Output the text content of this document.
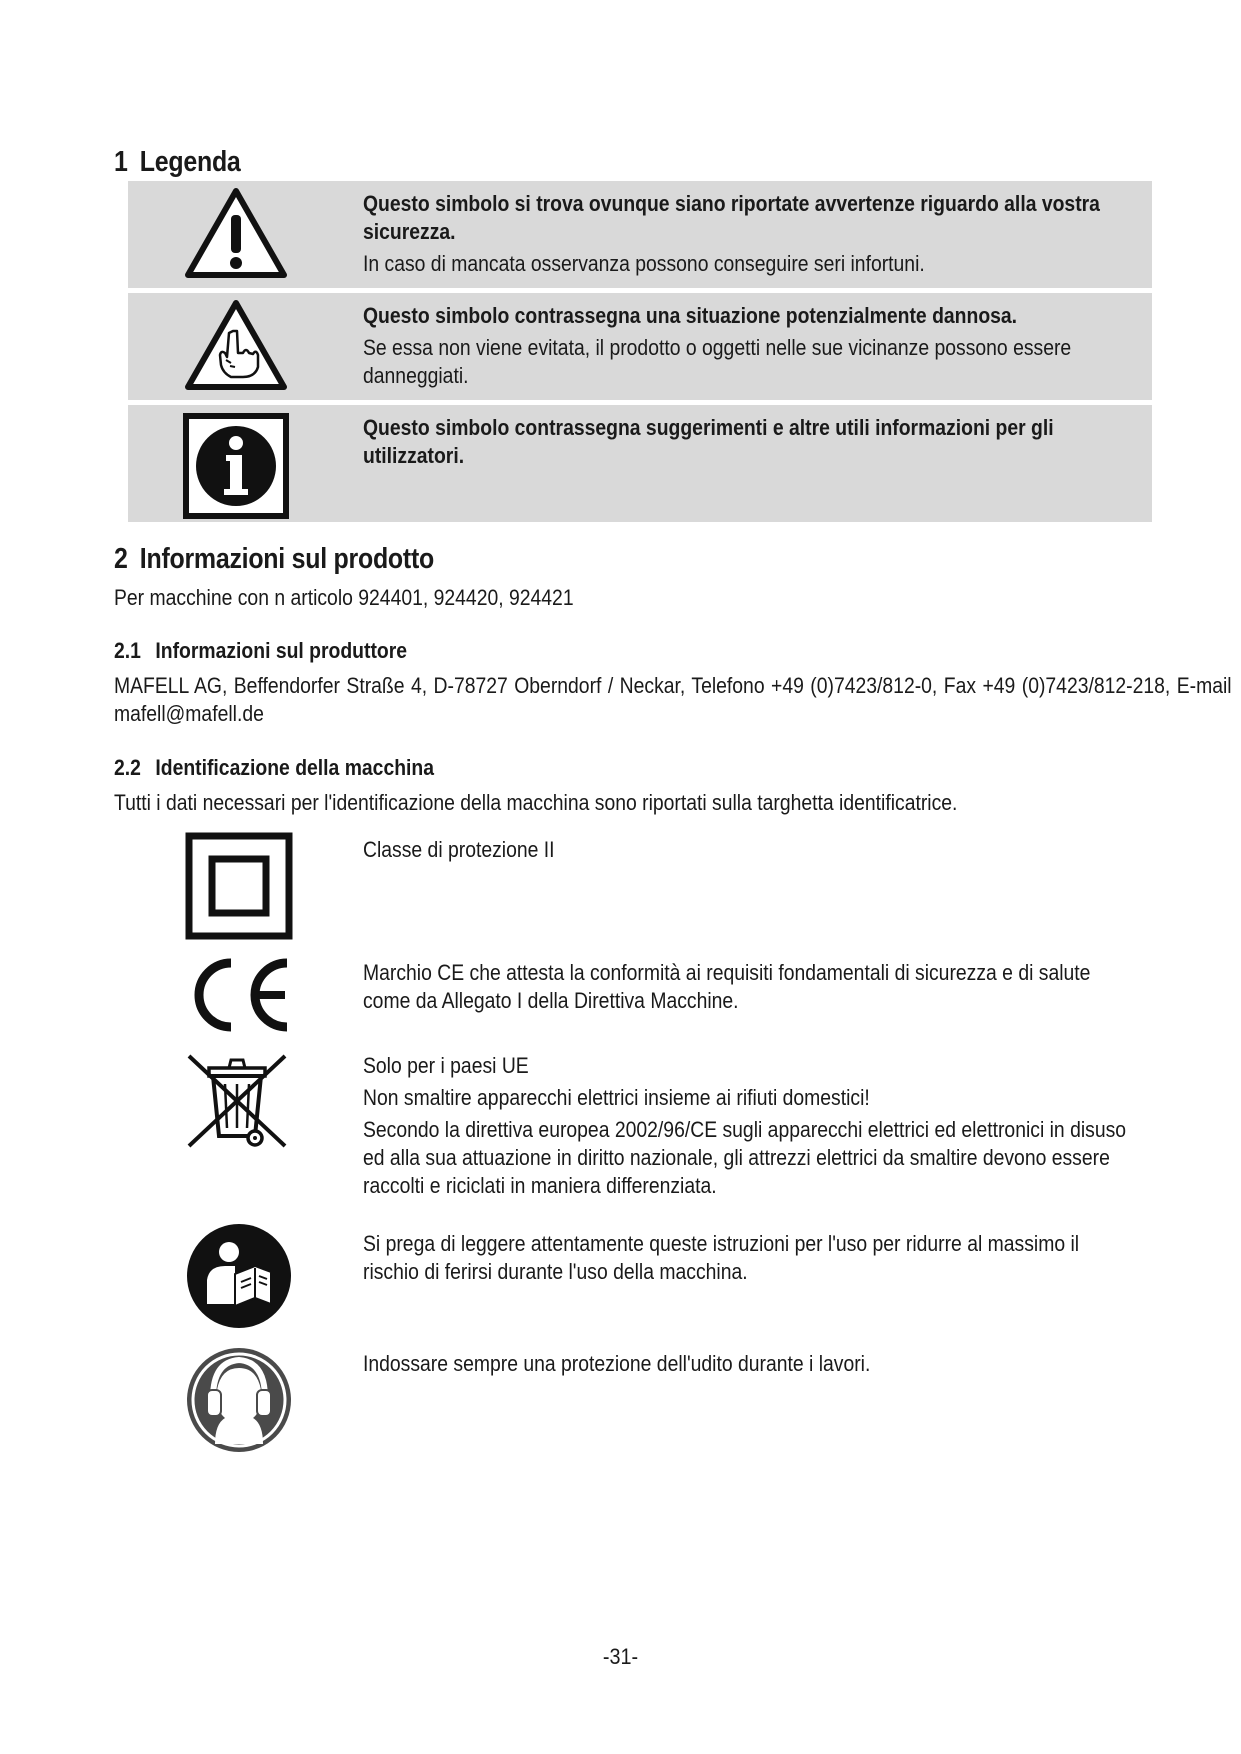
1 Legenda
Questo simbolo si trova ovunque siano riportate avvertenze riguardo alla vostra sicurezza.
In caso di mancata osservanza possono conseguire seri infortuni.
Questo simbolo contrassegna una situazione potenzialmente dannosa.
Se essa non viene evitata, il prodotto o oggetti nelle sue vicinanze possono essere danneggiati.
Questo simbolo contrassegna suggerimenti e altre utili informazioni per gli utilizzatori.
2 Informazioni sul prodotto
Per macchine con n articolo 924401, 924420, 924421
2.1 Informazioni sul produttore
MAFELL AG, Beffendorfer Straße 4, D-78727 Oberndorf / Neckar, Telefono +49 (0)7423/812-0, Fax +49 (0)7423/812-218, E-mail mafell@mafell.de
2.2 Identificazione della macchina
Tutti i dati necessari per l'identificazione della macchina sono riportati sulla targhetta identificatrice.
Classe di protezione II
Marchio CE che attesta la conformità ai requisiti fondamentali di sicurezza e di salute come da Allegato I della Direttiva Macchine.
Solo per i paesi UE
Non smaltire apparecchi elettrici insieme ai rifiuti domestici!
Secondo la direttiva europea 2002/96/CE sugli apparecchi elettrici ed elettronici in disuso ed alla sua attuazione in diritto nazionale, gli attrezzi elettrici da smaltire devono essere raccolti e riciclati in maniera differenziata.
Si prega di leggere attentamente queste istruzioni per l'uso per ridurre al massimo il rischio di ferirsi durante l'uso della macchina.
Indossare sempre una protezione dell'udito durante i lavori.
-31-
